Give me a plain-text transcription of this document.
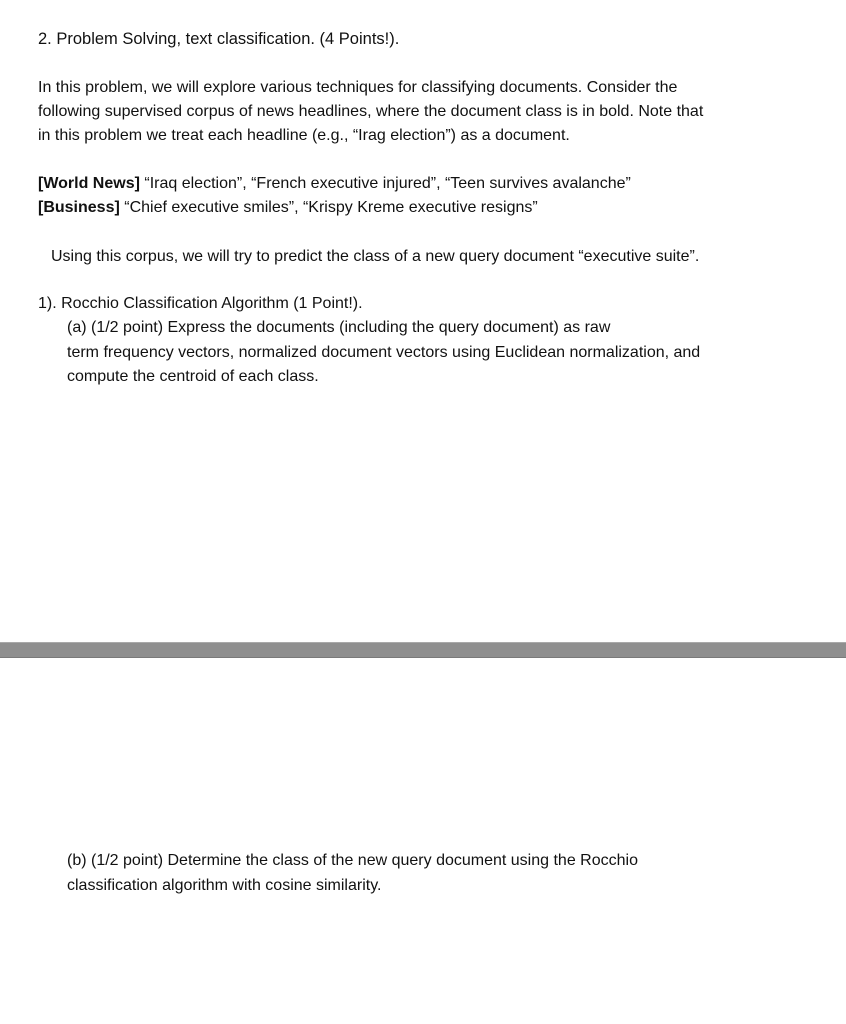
2. Problem Solving, text classification. (4 Points!).
In this problem, we will explore various techniques for classifying documents. Consider the
following supervised corpus of news headlines, where the document class is in bold. Note that
in this problem we treat each headline (e.g., “Irag election”) as a document.
[World News] “Iraq election”, “French executive injured”, “Teen survives avalanche”
[Business] “Chief executive smiles”, “Krispy Kreme executive resigns”
Using this corpus, we will try to predict the class of a new query document “executive suite”.
1). Rocchio Classification Algorithm (1 Point!).
(a) (1/2 point) Express the documents (including the query document) as raw
term frequency vectors, normalized document vectors using Euclidean normalization, and
compute the centroid of each class.
(b) (1/2 point) Determine the class of the new query document using the Rocchio
classification algorithm with cosine similarity.
